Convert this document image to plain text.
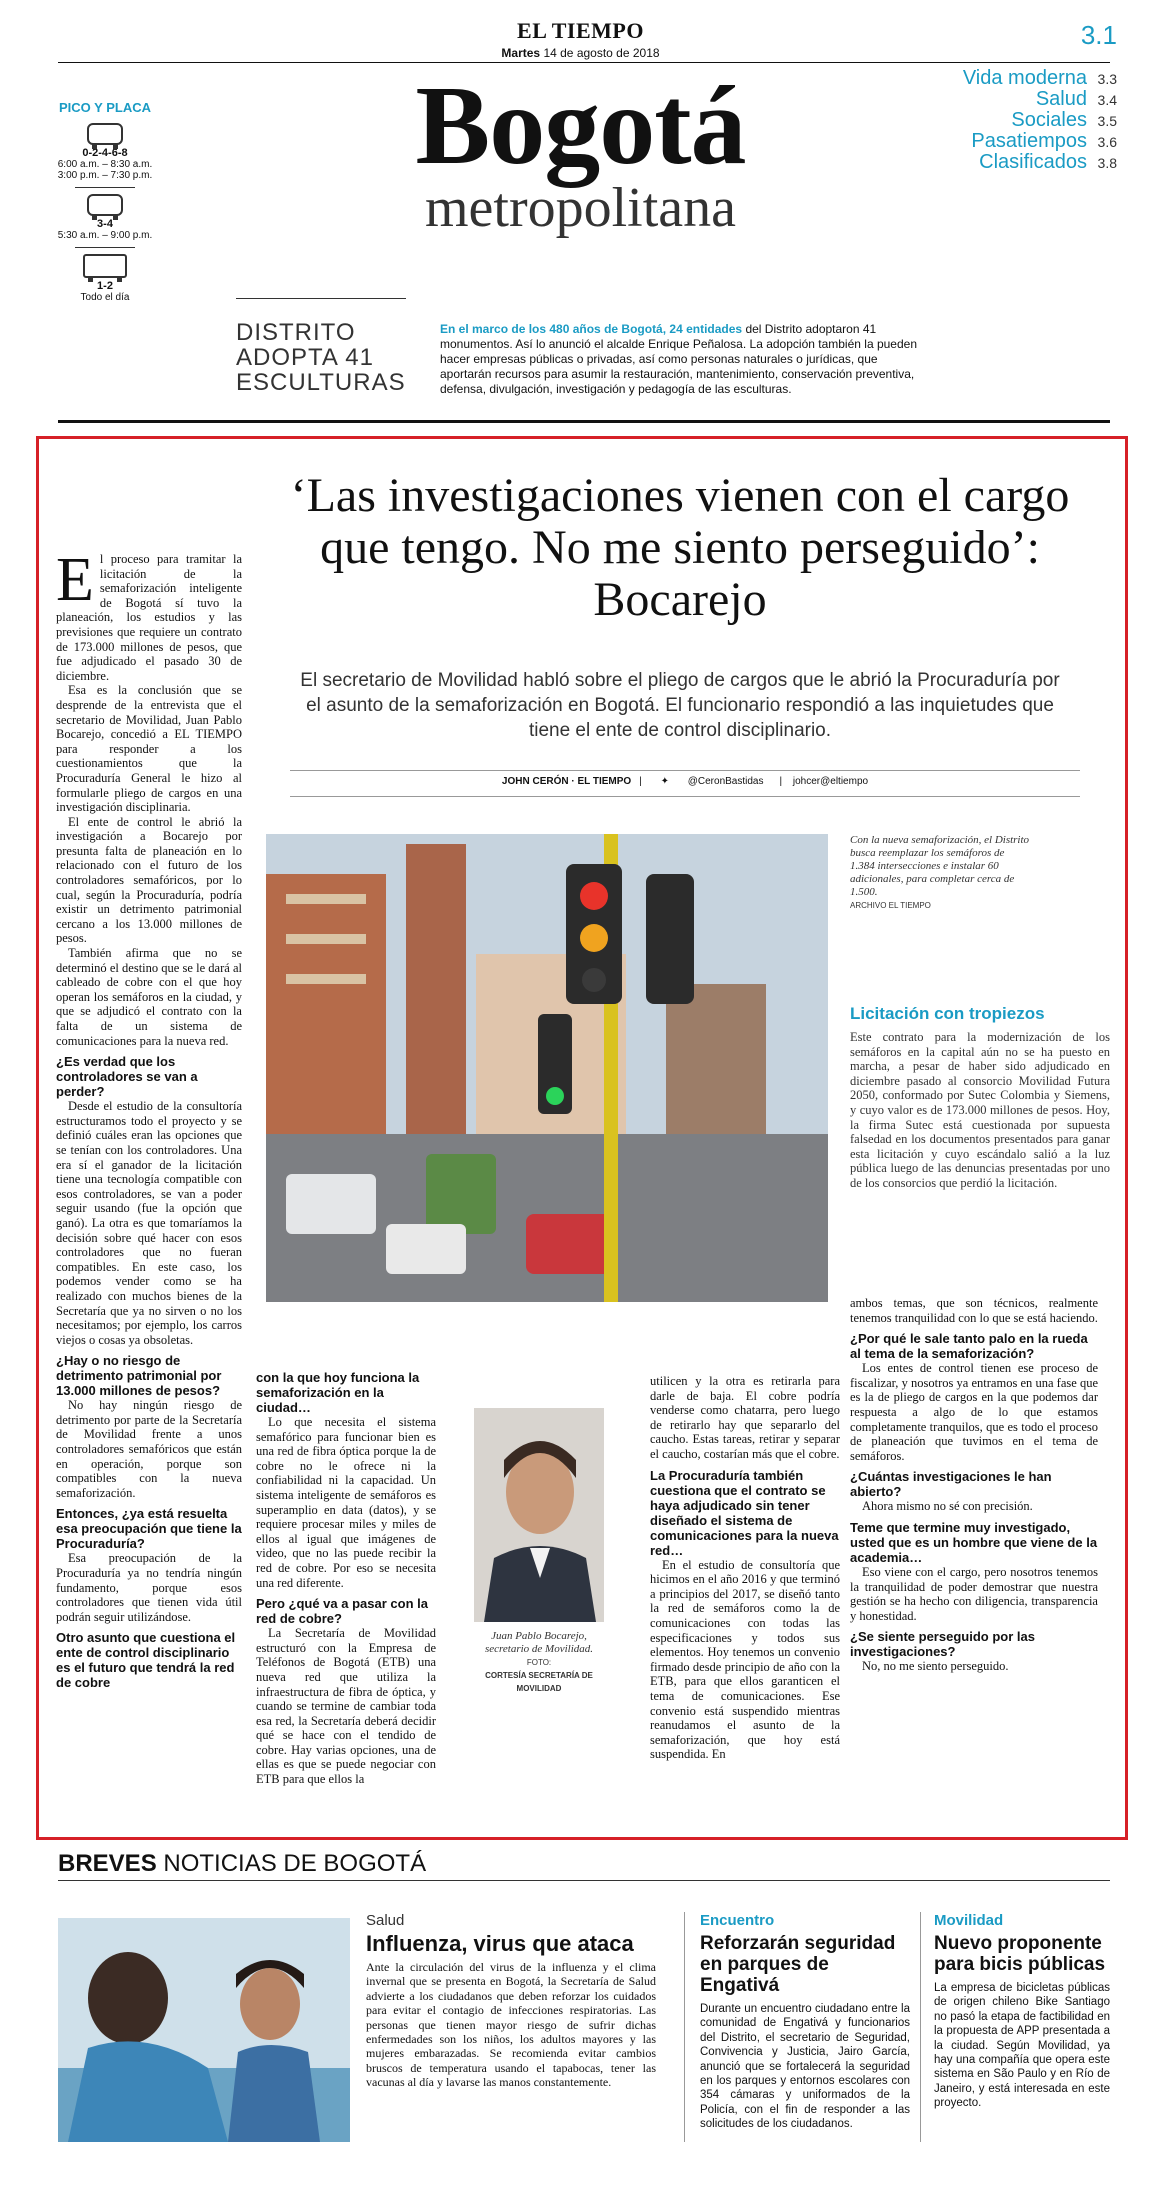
EL TIEMPO
Martes 14 de agosto de 2018
3.1
Bogotá
metropolitana
PICO Y PLACA
0-2-4-6-8
6:00 a.m. – 8:30 a.m.
3:00 p.m. – 7:30 p.m.
3-4
5:30 a.m. – 9:00 p.m.
1-2
Todo el día
Vida moderna 3.3
Salud 3.4
Sociales 3.5
Pasatiempos 3.6
Clasificados 3.8
DISTRITO
ADOPTA 41
ESCULTURAS
En el marco de los 480 años de Bogotá, 24 entidades del Distrito adoptaron 41 monumentos. Así lo anunció el alcalde Enrique Peñalosa. La adopción también la pueden hacer empresas públicas o privadas, así como personas naturales o jurídicas, que aportarán recursos para asumir la restauración, mantenimiento, conservación preventiva, defensa, divulgación, investigación y pedagogía de las esculturas.
‘Las investigaciones vienen con el cargo que tengo. No me siento perseguido’: Bocarejo
El secretario de Movilidad habló sobre el pliego de cargos que le abrió la Procuraduría por el asunto de la semaforización en Bogotá. El funcionario respondió a las inquietudes que tiene el ente de control disciplinario.
JOHN CERÓN · EL TIEMPO | ✦ @CeronBastidas | johcer@eltiempo
E l proceso para tramitar la licitación de la semaforización inteligente de Bogotá sí tuvo la planeación, los estudios y las previsiones que requiere un contrato de 173.000 millones de pesos, que fue adjudicado el pasado 30 de diciembre.

Esa es la conclusión que se desprende de la entrevista que el secretario de Movilidad, Juan Pablo Bocarejo, concedió a EL TIEMPO para responder a los cuestionamientos que la Procuraduría General le hizo al formularle pliego de cargos en una investigación disciplinaria.

El ente de control le abrió la investigación a Bocarejo por presunta falta de planeación en lo relacionado con el futuro de los controladores semafóricos, por lo cual, según la Procuraduría, podría existir un detrimento patrimonial cercano a los 13.000 millones de pesos.

También afirma que no se determinó el destino que se le dará al cableado de cobre con el que hoy operan los semáforos en la ciudad, y que se adjudicó el contrato con la falta de un sistema de comunicaciones para la nueva red.

¿Es verdad que los controladores se van a perder?

Desde el estudio de la consultoría estructuramos todo el proyecto y se definió cuáles eran las opciones que se tenían con los controladores. Una era sí el ganador de la licitación tiene una tecnología compatible con esos controladores, se van a poder seguir usando (fue la opción que ganó). La otra es que tomaríamos la decisión sobre qué hacer con esos controladores que no fueran compatibles. En este caso, los podemos vender como se ha realizado con muchos bienes de la Secretaría que ya no sirven o no los necesitamos; por ejemplo, los carros viejos o cosas ya obsoletas.

¿Hay o no riesgo de detrimento patrimonial por 13.000 millones de pesos?

No hay ningún riesgo de detrimento por parte de la Secretaría de Movilidad frente a unos controladores semafóricos que están en operación, porque son compatibles con la nueva semaforización.

Entonces, ¿ya está resuelta esa preocupación que tiene la Procuraduría?

Esa preocupación de la Procuraduría ya no tendría ningún fundamento, porque esos controladores que tienen vida útil podrán seguir utilizándose.

Otro asunto que cuestiona el ente de control disciplinario es el futuro que tendrá la red de cobre
Con la nueva semaforización, el Distrito busca reemplazar los semáforos de 1.384 intersecciones e instalar 60 adicionales, para completar cerca de 1.500.
ARCHIVO EL TIEMPO
Licitación con tropiezos
Este contrato para la modernización de los semáforos en la capital aún no se ha puesto en marcha, a pesar de haber sido adjudicado en diciembre pasado al consorcio Movilidad Futura 2050, conformado por Sutec Colombia y Siemens, y cuyo valor es de 173.000 millones de pesos. Hoy, la firma Sutec está cuestionada por supuesta falsedad en los documentos presentados para ganar esta licitación y cuyo escándalo salió a la luz pública luego de las denuncias presentadas por uno de los consorcios que perdió la licitación.
con la que hoy funciona la semaforización en la ciudad…

Lo que necesita el sistema semafórico para funcionar bien es una red de fibra óptica porque la de cobre no le ofrece ni la confiabilidad ni la capacidad. Un sistema inteligente de semáforos es superamplio en data (datos), y se requiere procesar miles y miles de ellos al igual que imágenes de video, que no las puede recibir la red de cobre. Por eso se necesita una red diferente.

Pero ¿qué va a pasar con la red de cobre?

La Secretaría de Movilidad estructuró con la Empresa de Teléfonos de Bogotá (ETB) una nueva red que utiliza la infraestructura de fibra de óptica, y cuando se termine de cambiar toda esa red, la Secretaría deberá decidir qué se hace con el tendido de cobre. Hay varias opciones, una de ellas es que se puede negociar con ETB para que ellos la

Juan Pablo Bocarejo, secretario de Movilidad. FOTO:
CORTESÍA SECRETARÍA DE MOVILIDAD

utilicen y la otra es retirarla para darle de baja. El cobre podría venderse como chatarra, pero luego de retirarlo hay que separarlo del caucho. Estas tareas, retirar y separar el caucho, costarían más que el cobre.

La Procuraduría también cuestiona que el contrato se haya adjudicado sin tener diseñado el sistema de comunicaciones para la nueva red…

En el estudio de consultoría que hicimos en el año 2016 y que terminó a principios del 2017, se diseñó tanto la red de semáforos como la de comunicaciones con todas las especificaciones y todos sus elementos. Hoy tenemos un convenio firmado desde principio de año con la ETB, para que ellos garanticen el tema de comunicaciones. Ese convenio está suspendido mientras reanudamos el asunto de la semaforización, que hoy está suspendida. En

ambos temas, que son técnicos, realmente tenemos tranquilidad con lo que se está haciendo.

¿Por qué le sale tanto palo en la rueda al tema de la semaforización?

Los entes de control tienen ese proceso de fiscalizar, y nosotros ya entramos en una fase que es la de pliego de cargos en la que podemos dar respuesta a algo de lo que estamos completamente tranquilos, que es todo el proceso de planeación que tuvimos en el tema de semáforos.

¿Cuántas investigaciones le han abierto?

Ahora mismo no sé con precisión.

Teme que termine muy investigado, usted que es un hombre que viene de la academia…

Eso viene con el cargo, pero nosotros tenemos la tranquilidad de poder demostrar que nuestra gestión se ha hecho con diligencia, transparencia y honestidad.

¿Se siente perseguido por las investigaciones?

No, no me siento perseguido.

BREVES NOTICIAS DE BOGOTÁ
Salud
Influenza, virus que ataca
Ante la circulación del virus de la influenza y el clima invernal que se presenta en Bogotá, la Secretaría de Salud advierte a los ciudadanos que deben reforzar los cuidados para evitar el contagio de infecciones respiratorias. Las personas que tienen mayor riesgo de sufrir dichas enfermedades son los niños, los adultos mayores y las mujeres embarazadas. Se recomienda evitar cambios bruscos de temperatura usando el tapabocas, tener las vacunas al día y lavarse las manos constantemente.
Encuentro
Reforzarán seguridad en parques de Engativá
Durante un encuentro ciudadano entre la comunidad de Engativá y funcionarios del Distrito, el secretario de Seguridad, Convivencia y Justicia, Jairo García, anunció que se fortalecerá la seguridad en los parques y entornos escolares con 354 cámaras y uniformados de la Policía, con el fin de responder a las solicitudes de los ciudadanos.
Movilidad
Nuevo proponente para bicis públicas
La empresa de bicicletas públicas de origen chileno Bike Santiago no pasó la etapa de factibilidad en la propuesta de APP presentada a la ciudad. Según Movilidad, ya hay una compañía que opera este sistema en São Paulo y en Río de Janeiro, y está interesada en este proyecto.
